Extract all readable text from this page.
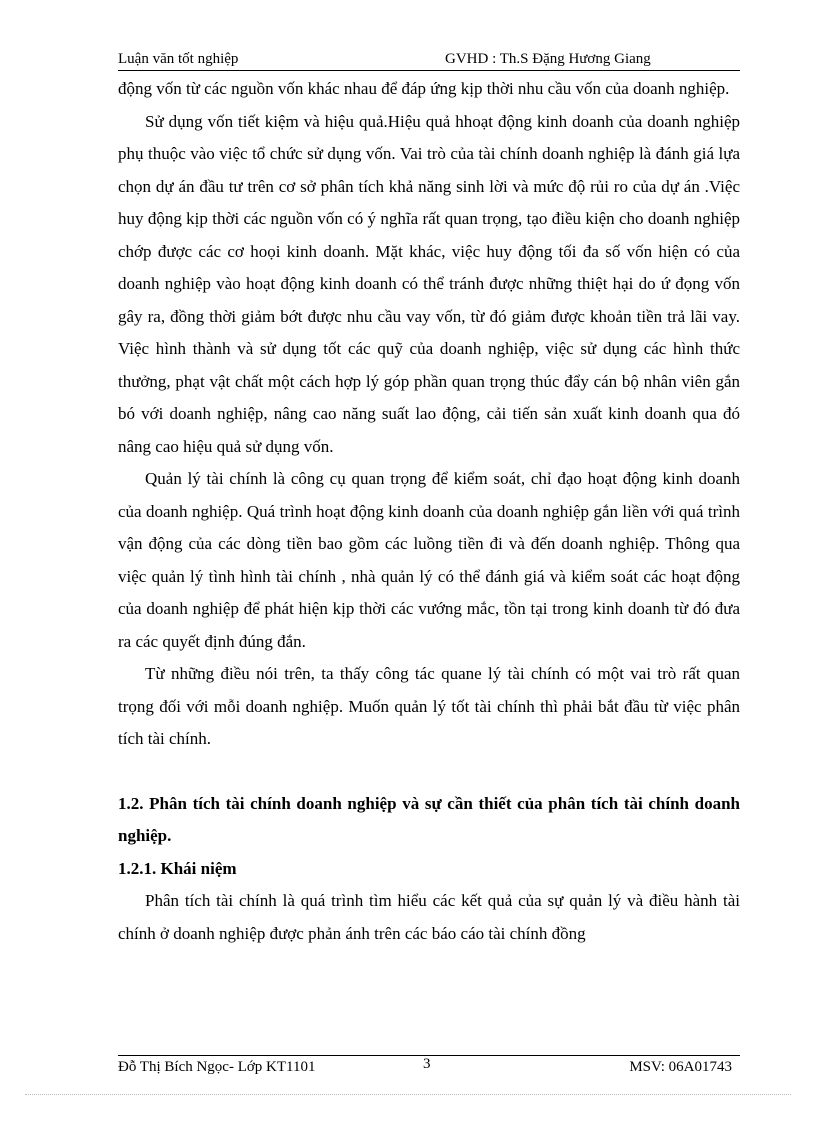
Luận văn tốt nghiệp	GVHD : Th.S Đặng Hương Giang

động vốn từ các nguồn vốn khác nhau để đáp ứng kịp thời nhu cầu vốn của doanh nghiệp.

Sử dụng vốn tiết kiệm và hiệu quả.Hiệu quả hhoạt động kinh doanh của doanh nghiệp phụ thuộc vào việc tổ chức sử dụng vốn. Vai trò của tài chính doanh nghiệp là đánh giá lựa chọn dự án đầu tư trên cơ sở phân tích khả năng sinh lời và mức độ rủi ro của dự án .Việc huy động kịp thời các nguồn vốn có ý nghĩa rất quan trọng, tạo điều kiện cho doanh nghiệp chớp được các cơ hoọi kinh doanh. Mặt khác, việc huy động tối đa số vốn hiện có của doanh nghiệp vào hoạt động kinh doanh có thể tránh được những thiệt hại do ứ đọng vốn gây ra, đồng thời giảm bớt được nhu cầu vay vốn, từ đó giảm được khoản tiền trả lãi vay. Việc hình thành và sử dụng tốt các quỹ của doanh nghiệp, việc sử dụng các hình thức thưởng, phạt vật chất một cách hợp lý góp phần quan trọng thúc đẩy cán bộ nhân viên gắn bó với doanh nghiệp, nâng cao năng suất lao động, cải tiến sản xuất kinh doanh qua đó nâng cao hiệu quả sử dụng vốn.

Quản lý tài chính là công cụ quan trọng để kiểm soát, chỉ đạo hoạt động kinh doanh của doanh nghiệp. Quá trình hoạt động kinh doanh của doanh nghiệp gắn liền với quá trình vận động của các dòng tiền bao gồm các luồng tiền đi và đến doanh nghiệp. Thông qua việc quản lý tình hình tài chính , nhà quản lý có thể đánh giá và kiểm soát các hoạt động của doanh nghiệp để phát hiện kịp thời các vướng mắc, tồn tại trong kinh doanh từ đó đưa ra các quyết định đúng đắn.

Từ những điều nói trên, ta thấy công tác quane lý tài chính có một vai trò rất quan trọng đối với mỗi doanh nghiệp. Muốn quản lý tốt tài chính thì phải bắt đầu từ việc phân tích tài chính.

1.2. Phân tích tài chính doanh nghiệp và sự cần thiết của phân tích tài chính doanh nghiệp.

1.2.1. Khái niệm

Phân tích tài chính là quá trình tìm hiểu các kết quả của sự quản lý và điều hành tài chính ở doanh nghiệp được phản ánh trên các báo cáo tài chính đồng

Đỗ Thị Bích Ngọc- Lớp KT1101	3	MSV: 06A01743
